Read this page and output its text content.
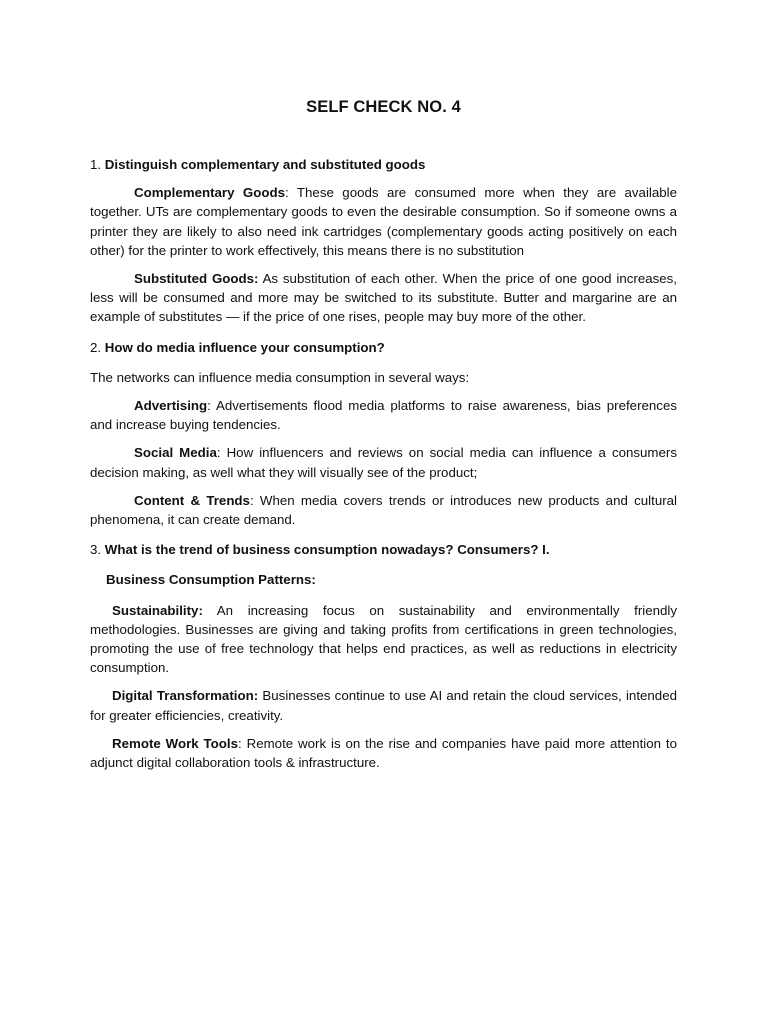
SELF CHECK NO. 4

1. Distinguish complementary and substituted goods

Complementary Goods: These goods are consumed more when they are available together. UTs are complementary goods to even the desirable consumption. So if someone owns a printer they are likely to also need ink cartridges (complementary goods acting positively on each other) for the printer to work effectively, this means there is no substitution

Substituted Goods: As substitution of each other. When the price of one good increases, less will be consumed and more may be switched to its substitute. Butter and margarine are an example of substitutes — if the price of one rises, people may buy more of the other.

2. How do media influence your consumption?

The networks can influence media consumption in several ways:

Advertising: Advertisements flood media platforms to raise awareness, bias preferences and increase buying tendencies.

Social Media: How influencers and reviews on social media can influence a consumers decision making, as well what they will visually see of the product;

Content & Trends: When media covers trends or introduces new products and cultural phenomena, it can create demand.

3. What is the trend of business consumption nowadays? Consumers? I.

Business Consumption Patterns:

Sustainability: An increasing focus on sustainability and environmentally friendly methodologies. Businesses are giving and taking profits from certifications in green technologies, promoting the use of free technology that helps end practices, as well as reductions in electricity consumption.

Digital Transformation: Businesses continue to use AI and retain the cloud services, intended for greater efficiencies, creativity.

Remote Work Tools: Remote work is on the rise and companies have paid more attention to adjunct digital collaboration tools & infrastructure.
